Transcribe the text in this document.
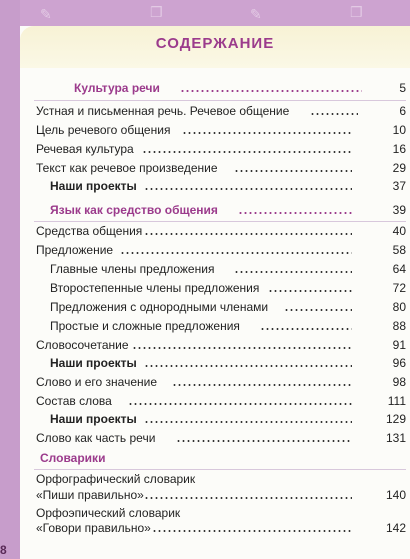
✎	❒	✎	❒
СОДЕРЖАНИЕ
Культура речи	5
Устная и письменная речь. Речевое общение	6
Цель речевого общения	10
Речевая культура	16
Текст как речевое произведение	29
Наши проекты	37
Язык как средство общения	39
Средства общения	40
Предложение	58
Главные члены предложения	64
Второстепенные члены предложения	72
Предложения с однородными членами	80
Простые и сложные предложения	88
Словосочетание	91
Наши проекты	96
Слово и его значение	98
Состав слова	111
Наши проекты	129
Слово как часть речи	131
Словарики
Орфографический словарик
«Пиши правильно»	140
Орфоэпический словарик
«Говори правильно»	142
8
